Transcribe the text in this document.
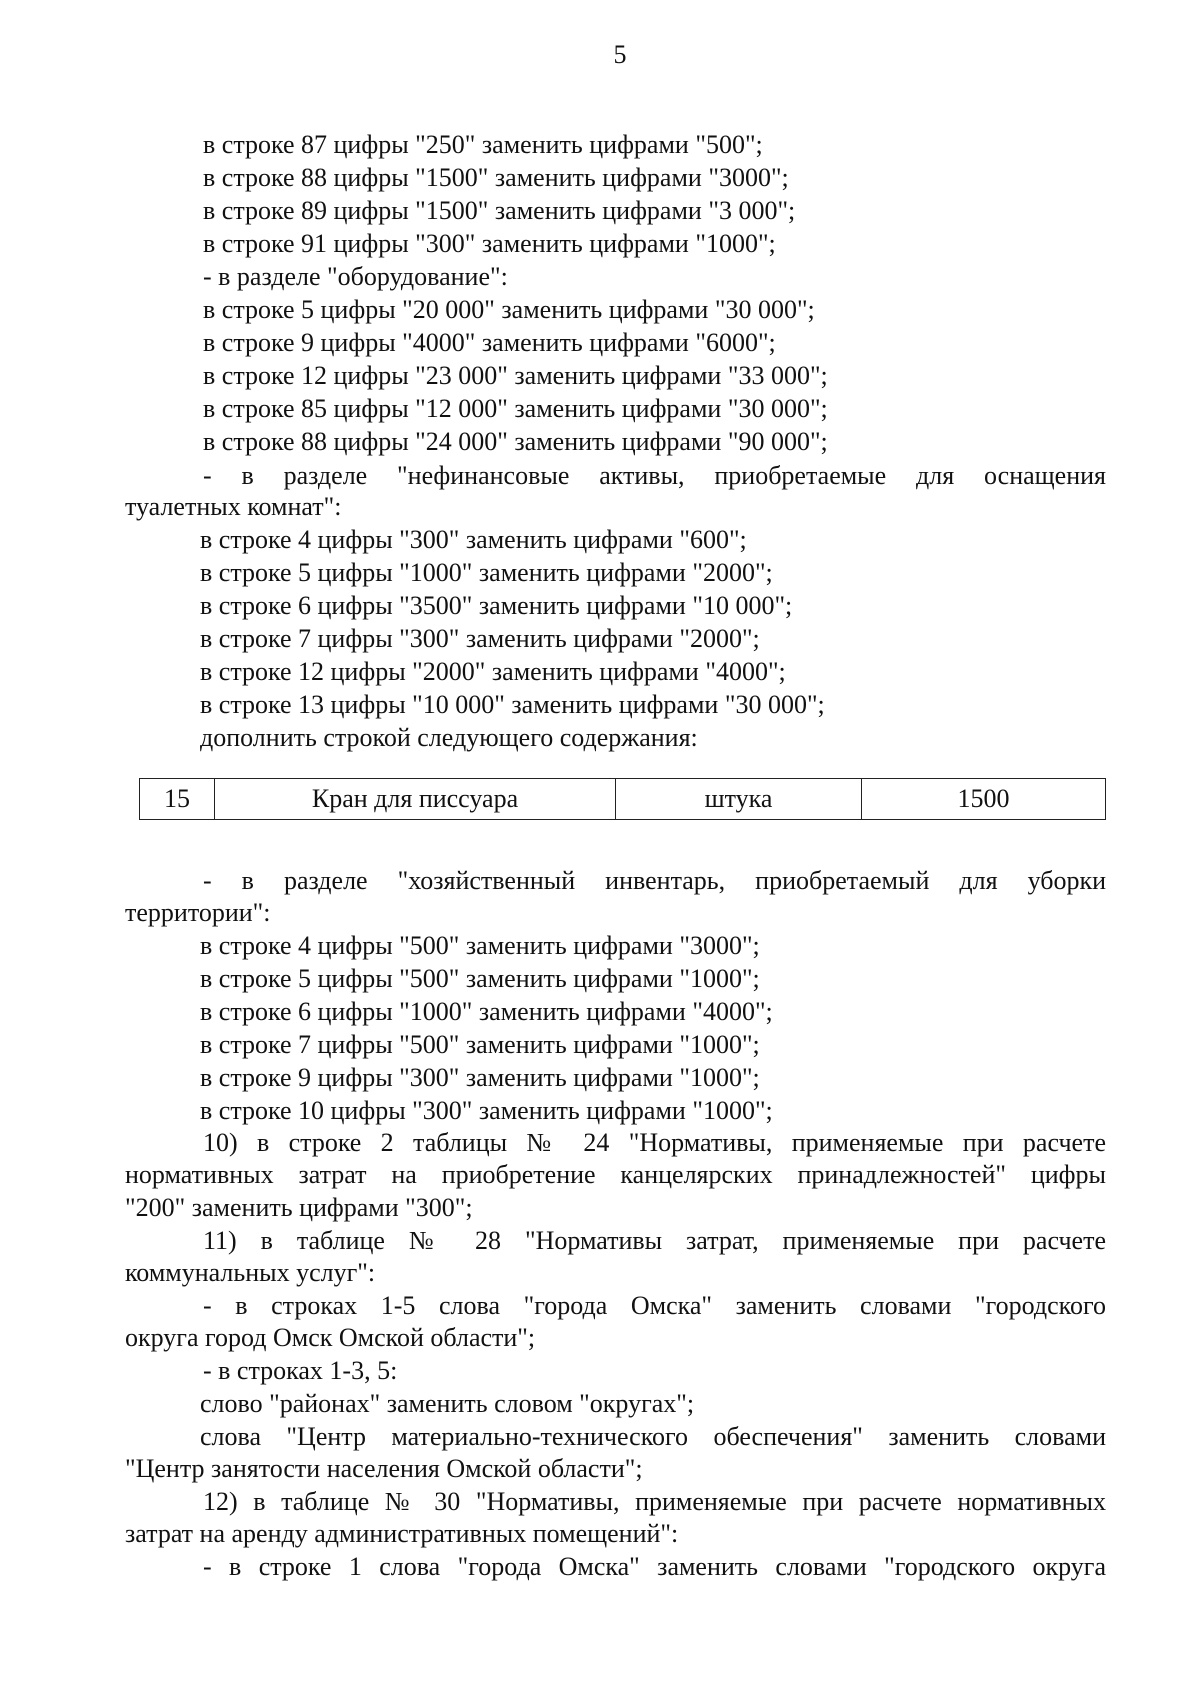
5
в строке 87 цифры "250" заменить цифрами "500";
в строке 88 цифры "1500" заменить цифрами "3000";
в строке 89 цифры "1500" заменить цифрами "3 000";
в строке 91 цифры "300" заменить цифрами "1000";
- в разделе "оборудование":
в строке 5 цифры "20 000" заменить цифрами "30 000";
в строке 9 цифры "4000" заменить цифрами "6000";
в строке 12 цифры "23 000" заменить цифрами "33 000";
в строке 85 цифры "12 000" заменить цифрами "30 000";
в строке 88 цифры "24 000" заменить цифрами "90 000";
- в разделе "нефинансовые активы, приобретаемые для оснащения
туалетных комнат":
в строке 4 цифры "300" заменить цифрами "600";
в строке 5 цифры "1000" заменить цифрами "2000";
в строке 6 цифры "3500" заменить цифрами "10 000";
в строке 7 цифры "300" заменить цифрами "2000";
в строке 12 цифры "2000" заменить цифрами "4000";
в строке 13 цифры "10 000" заменить цифрами "30 000";
дополнить строкой следующего содержания:
15	Кран для писсуара	штука	1500
- в разделе "хозяйственный инвентарь, приобретаемый для уборки
территории":
в строке 4 цифры "500" заменить цифрами "3000";
в строке 5 цифры "500" заменить цифрами "1000";
в строке 6 цифры "1000" заменить цифрами "4000";
в строке 7 цифры "500" заменить цифрами "1000";
в строке 9 цифры "300" заменить цифрами "1000";
в строке 10 цифры "300" заменить цифрами "1000";
10) в строке 2 таблицы № 24 "Нормативы, применяемые при расчете
нормативных затрат на приобретение канцелярских принадлежностей" цифры
"200" заменить цифрами "300";
11) в таблице № 28 "Нормативы затрат, применяемые при расчете
коммунальных услуг":
- в строках 1-5 слова "города Омска" заменить словами "городского
округа город Омск Омской области";
- в строках 1-3, 5:
слово "районах" заменить словом "округах";
слова "Центр материально-технического обеспечения" заменить словами
"Центр занятости населения Омской области";
12) в таблице № 30 "Нормативы, применяемые при расчете нормативных
затрат на аренду административных помещений":
- в строке 1 слова "города Омска" заменить словами "городского округа
